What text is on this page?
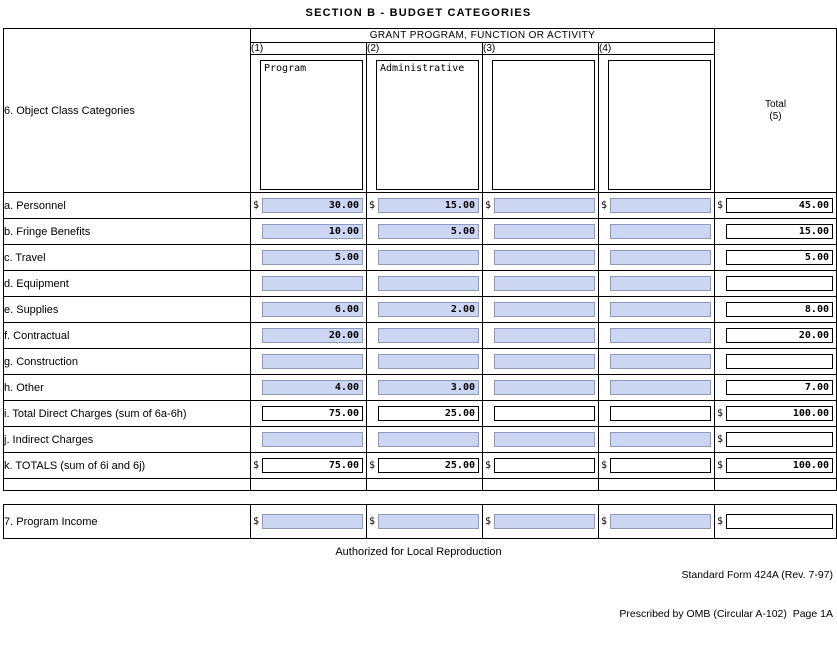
SECTION B - BUDGET CATEGORIES
6. Object Class Categories	GRANT PROGRAM, FUNCTION OR ACTIVITY				Total
(5)

	(1)	(2)	(3)	(4)	

	Program	Administrative			

a. Personnel	$ 30.00	$ 15.00	$	$	$ 45.00

b. Fringe Benefits	10.00	5.00			15.00

c. Travel	5.00				5.00

d. Equipment	

e. Supplies	6.00	2.00			8.00

f. Contractual	20.00				20.00

g. Construction	

h. Other	4.00	3.00			7.00

i. Total Direct Charges (sum of 6a-6h)	75.00	25.00			$ 100.00

j. Indirect Charges					$

k. TOTALS (sum of 6i and 6j)	$ 75.00	$ 25.00	$	$	$ 100.00

7. Program Income	$	$	$	$	$
Authorized for Local Reproduction

Standard Form 424A (Rev. 7-97)

Prescribed by OMB (Circular A-102)  Page 1A
